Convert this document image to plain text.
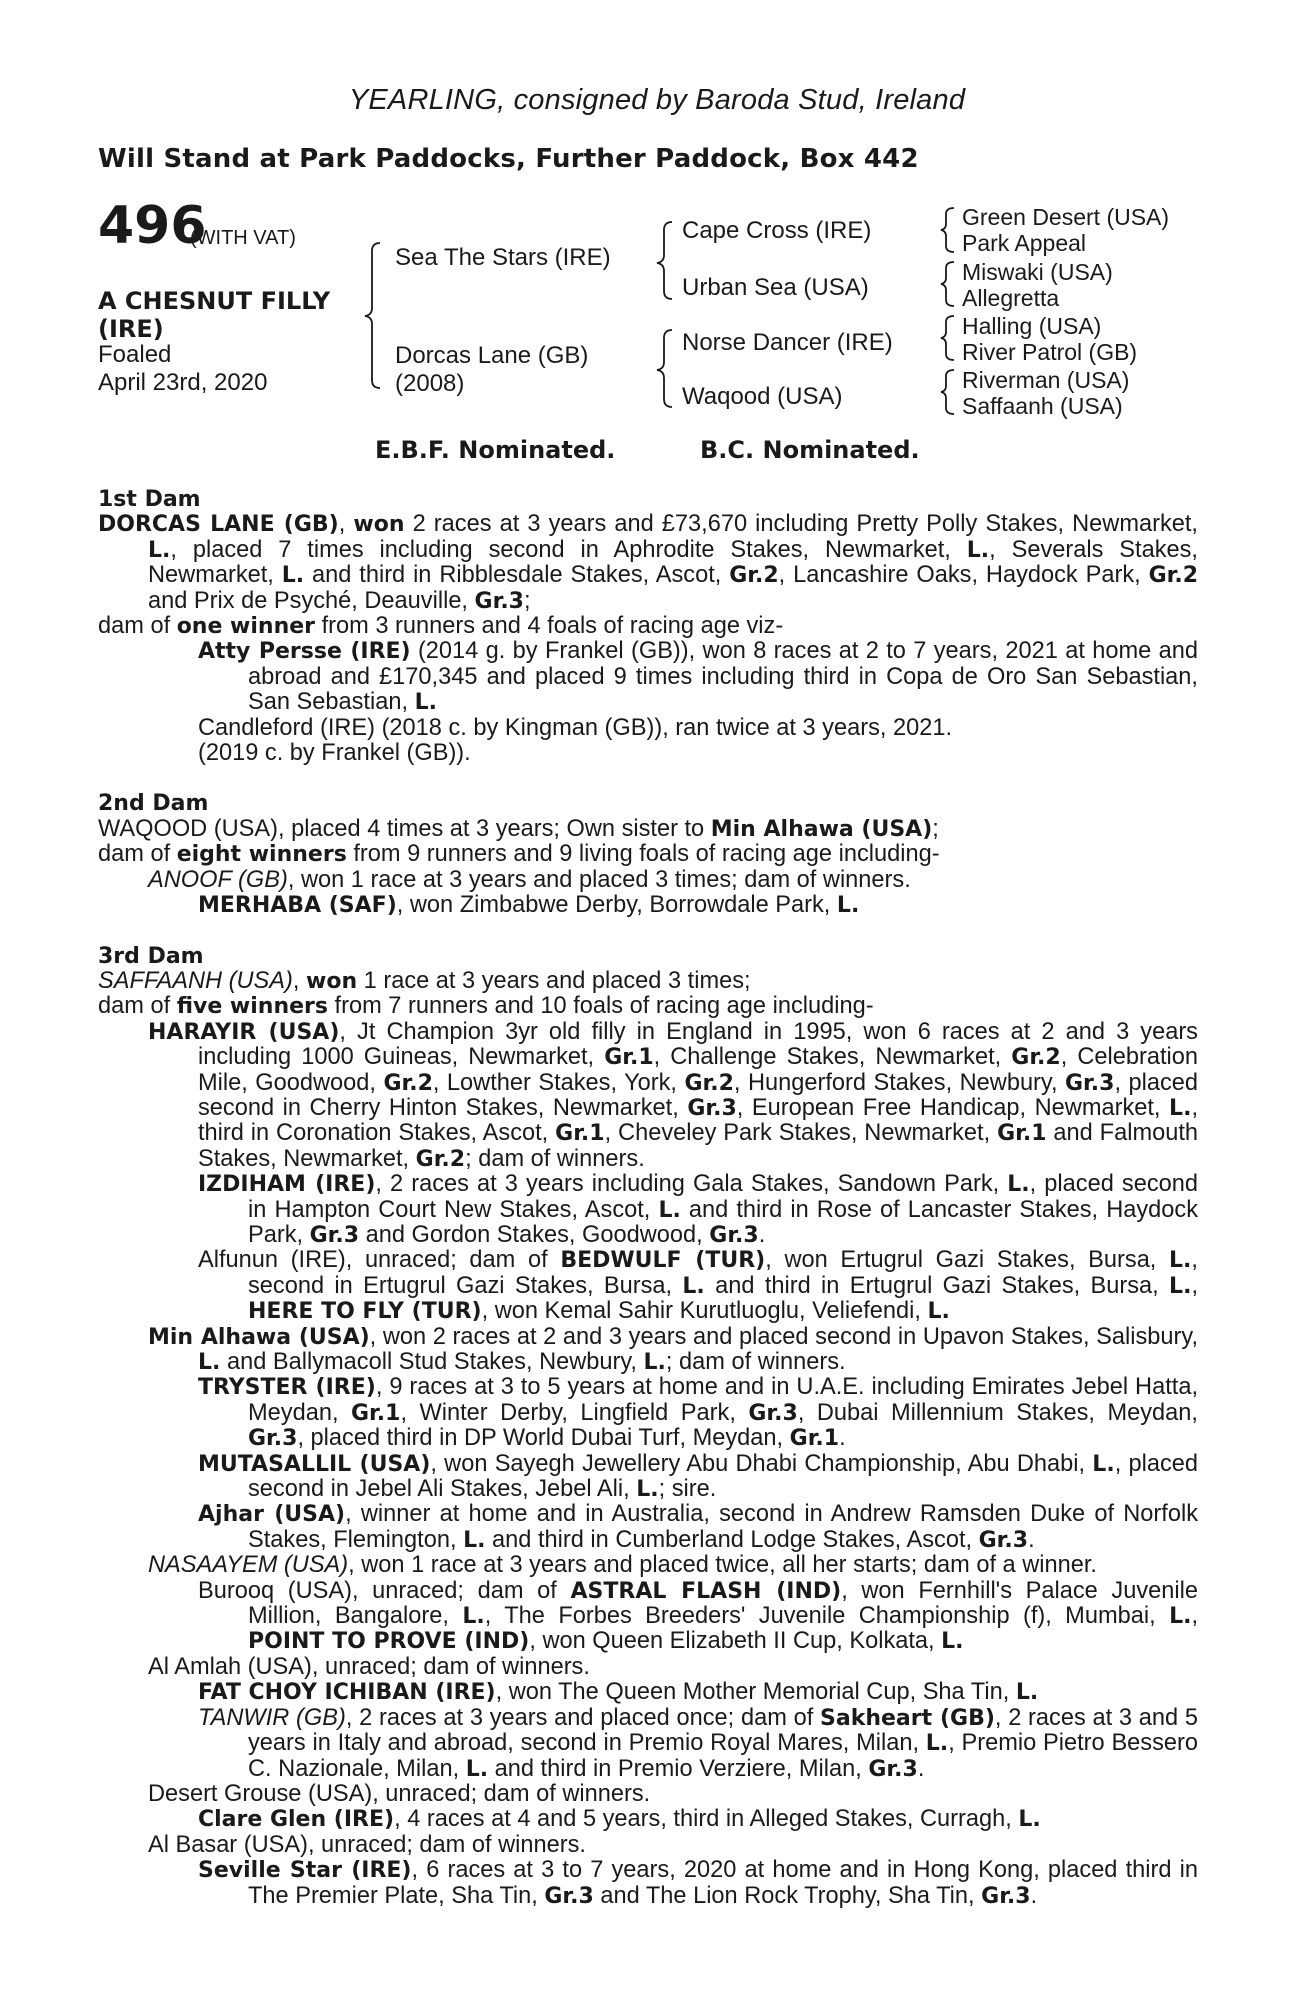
YEARLING, consigned by Baroda Stud, Ireland
Will Stand at Park Paddocks, Further Paddock, Box 442
496
(WITH VAT)
A CHESNUT FILLY
(IRE)
Foaled
April 23rd, 2020
Sea The Stars (IRE)
Dorcas Lane (GB)
(2008)
Cape Cross (IRE)
Urban Sea (USA)
Norse Dancer (IRE)
Waqood (USA)
Green Desert (USA)
Park Appeal
Miswaki (USA)
Allegretta
Halling (USA)
River Patrol (GB)
Riverman (USA)
Saffaanh (USA)
E.B.F. Nominated.	B.C. Nominated.
1st Dam
DORCAS LANE (GB), won 2 races at 3 years and £73,670 including Pretty Polly Stakes, Newmarket, L., placed 7 times including second in Aphrodite Stakes, Newmarket, L., Severals Stakes, Newmarket, L. and third in Ribblesdale Stakes, Ascot, Gr.2, Lancashire Oaks, Haydock Park, Gr.2 and Prix de Psyché, Deauville, Gr.3;
dam of one winner from 3 runners and 4 foals of racing age viz-
Atty Persse (IRE) (2014 g. by Frankel (GB)), won 8 races at 2 to 7 years, 2021 at home and abroad and £170,345 and placed 9 times including third in Copa de Oro San Sebastian, San Sebastian, L.
Candleford (IRE) (2018 c. by Kingman (GB)), ran twice at 3 years, 2021.
(2019 c. by Frankel (GB)).
2nd Dam
WAQOOD (USA), placed 4 times at 3 years; Own sister to Min Alhawa (USA);
dam of eight winners from 9 runners and 9 living foals of racing age including-
ANOOF (GB), won 1 race at 3 years and placed 3 times; dam of winners.
MERHABA (SAF), won Zimbabwe Derby, Borrowdale Park, L.
3rd Dam
SAFFAANH (USA), won 1 race at 3 years and placed 3 times;
dam of five winners from 7 runners and 10 foals of racing age including-
HARAYIR (USA), Jt Champion 3yr old filly in England in 1995, won 6 races at 2 and 3 years including 1000 Guineas, Newmarket, Gr.1, Challenge Stakes, Newmarket, Gr.2, Celebration Mile, Goodwood, Gr.2, Lowther Stakes, York, Gr.2, Hungerford Stakes, Newbury, Gr.3, placed second in Cherry Hinton Stakes, Newmarket, Gr.3, European Free Handicap, Newmarket, L., third in Coronation Stakes, Ascot, Gr.1, Cheveley Park Stakes, Newmarket, Gr.1 and Falmouth Stakes, Newmarket, Gr.2; dam of winners.
IZDIHAM (IRE), 2 races at 3 years including Gala Stakes, Sandown Park, L., placed second in Hampton Court New Stakes, Ascot, L. and third in Rose of Lancaster Stakes, Haydock Park, Gr.3 and Gordon Stakes, Goodwood, Gr.3.
Alfunun (IRE), unraced; dam of BEDWULF (TUR), won Ertugrul Gazi Stakes, Bursa, L., second in Ertugrul Gazi Stakes, Bursa, L. and third in Ertugrul Gazi Stakes, Bursa, L., HERE TO FLY (TUR), won Kemal Sahir Kurutluoglu, Veliefendi, L.
Min Alhawa (USA), won 2 races at 2 and 3 years and placed second in Upavon Stakes, Salisbury, L. and Ballymacoll Stud Stakes, Newbury, L.; dam of winners.
TRYSTER (IRE), 9 races at 3 to 5 years at home and in U.A.E. including Emirates Jebel Hatta, Meydan, Gr.1, Winter Derby, Lingfield Park, Gr.3, Dubai Millennium Stakes, Meydan, Gr.3, placed third in DP World Dubai Turf, Meydan, Gr.1.
MUTASALLIL (USA), won Sayegh Jewellery Abu Dhabi Championship, Abu Dhabi, L., placed second in Jebel Ali Stakes, Jebel Ali, L.; sire.
Ajhar (USA), winner at home and in Australia, second in Andrew Ramsden Duke of Norfolk Stakes, Flemington, L. and third in Cumberland Lodge Stakes, Ascot, Gr.3.
NASAAYEM (USA), won 1 race at 3 years and placed twice, all her starts; dam of a winner.
Burooq (USA), unraced; dam of ASTRAL FLASH (IND), won Fernhill's Palace Juvenile Million, Bangalore, L., The Forbes Breeders' Juvenile Championship (f), Mumbai, L., POINT TO PROVE (IND), won Queen Elizabeth II Cup, Kolkata, L.
Al Amlah (USA), unraced; dam of winners.
FAT CHOY ICHIBAN (IRE), won The Queen Mother Memorial Cup, Sha Tin, L.
TANWIR (GB), 2 races at 3 years and placed once; dam of Sakheart (GB), 2 races at 3 and 5 years in Italy and abroad, second in Premio Royal Mares, Milan, L., Premio Pietro Bessero C. Nazionale, Milan, L. and third in Premio Verziere, Milan, Gr.3.
Desert Grouse (USA), unraced; dam of winners.
Clare Glen (IRE), 4 races at 4 and 5 years, third in Alleged Stakes, Curragh, L.
Al Basar (USA), unraced; dam of winners.
Seville Star (IRE), 6 races at 3 to 7 years, 2020 at home and in Hong Kong, placed third in The Premier Plate, Sha Tin, Gr.3 and The Lion Rock Trophy, Sha Tin, Gr.3.
